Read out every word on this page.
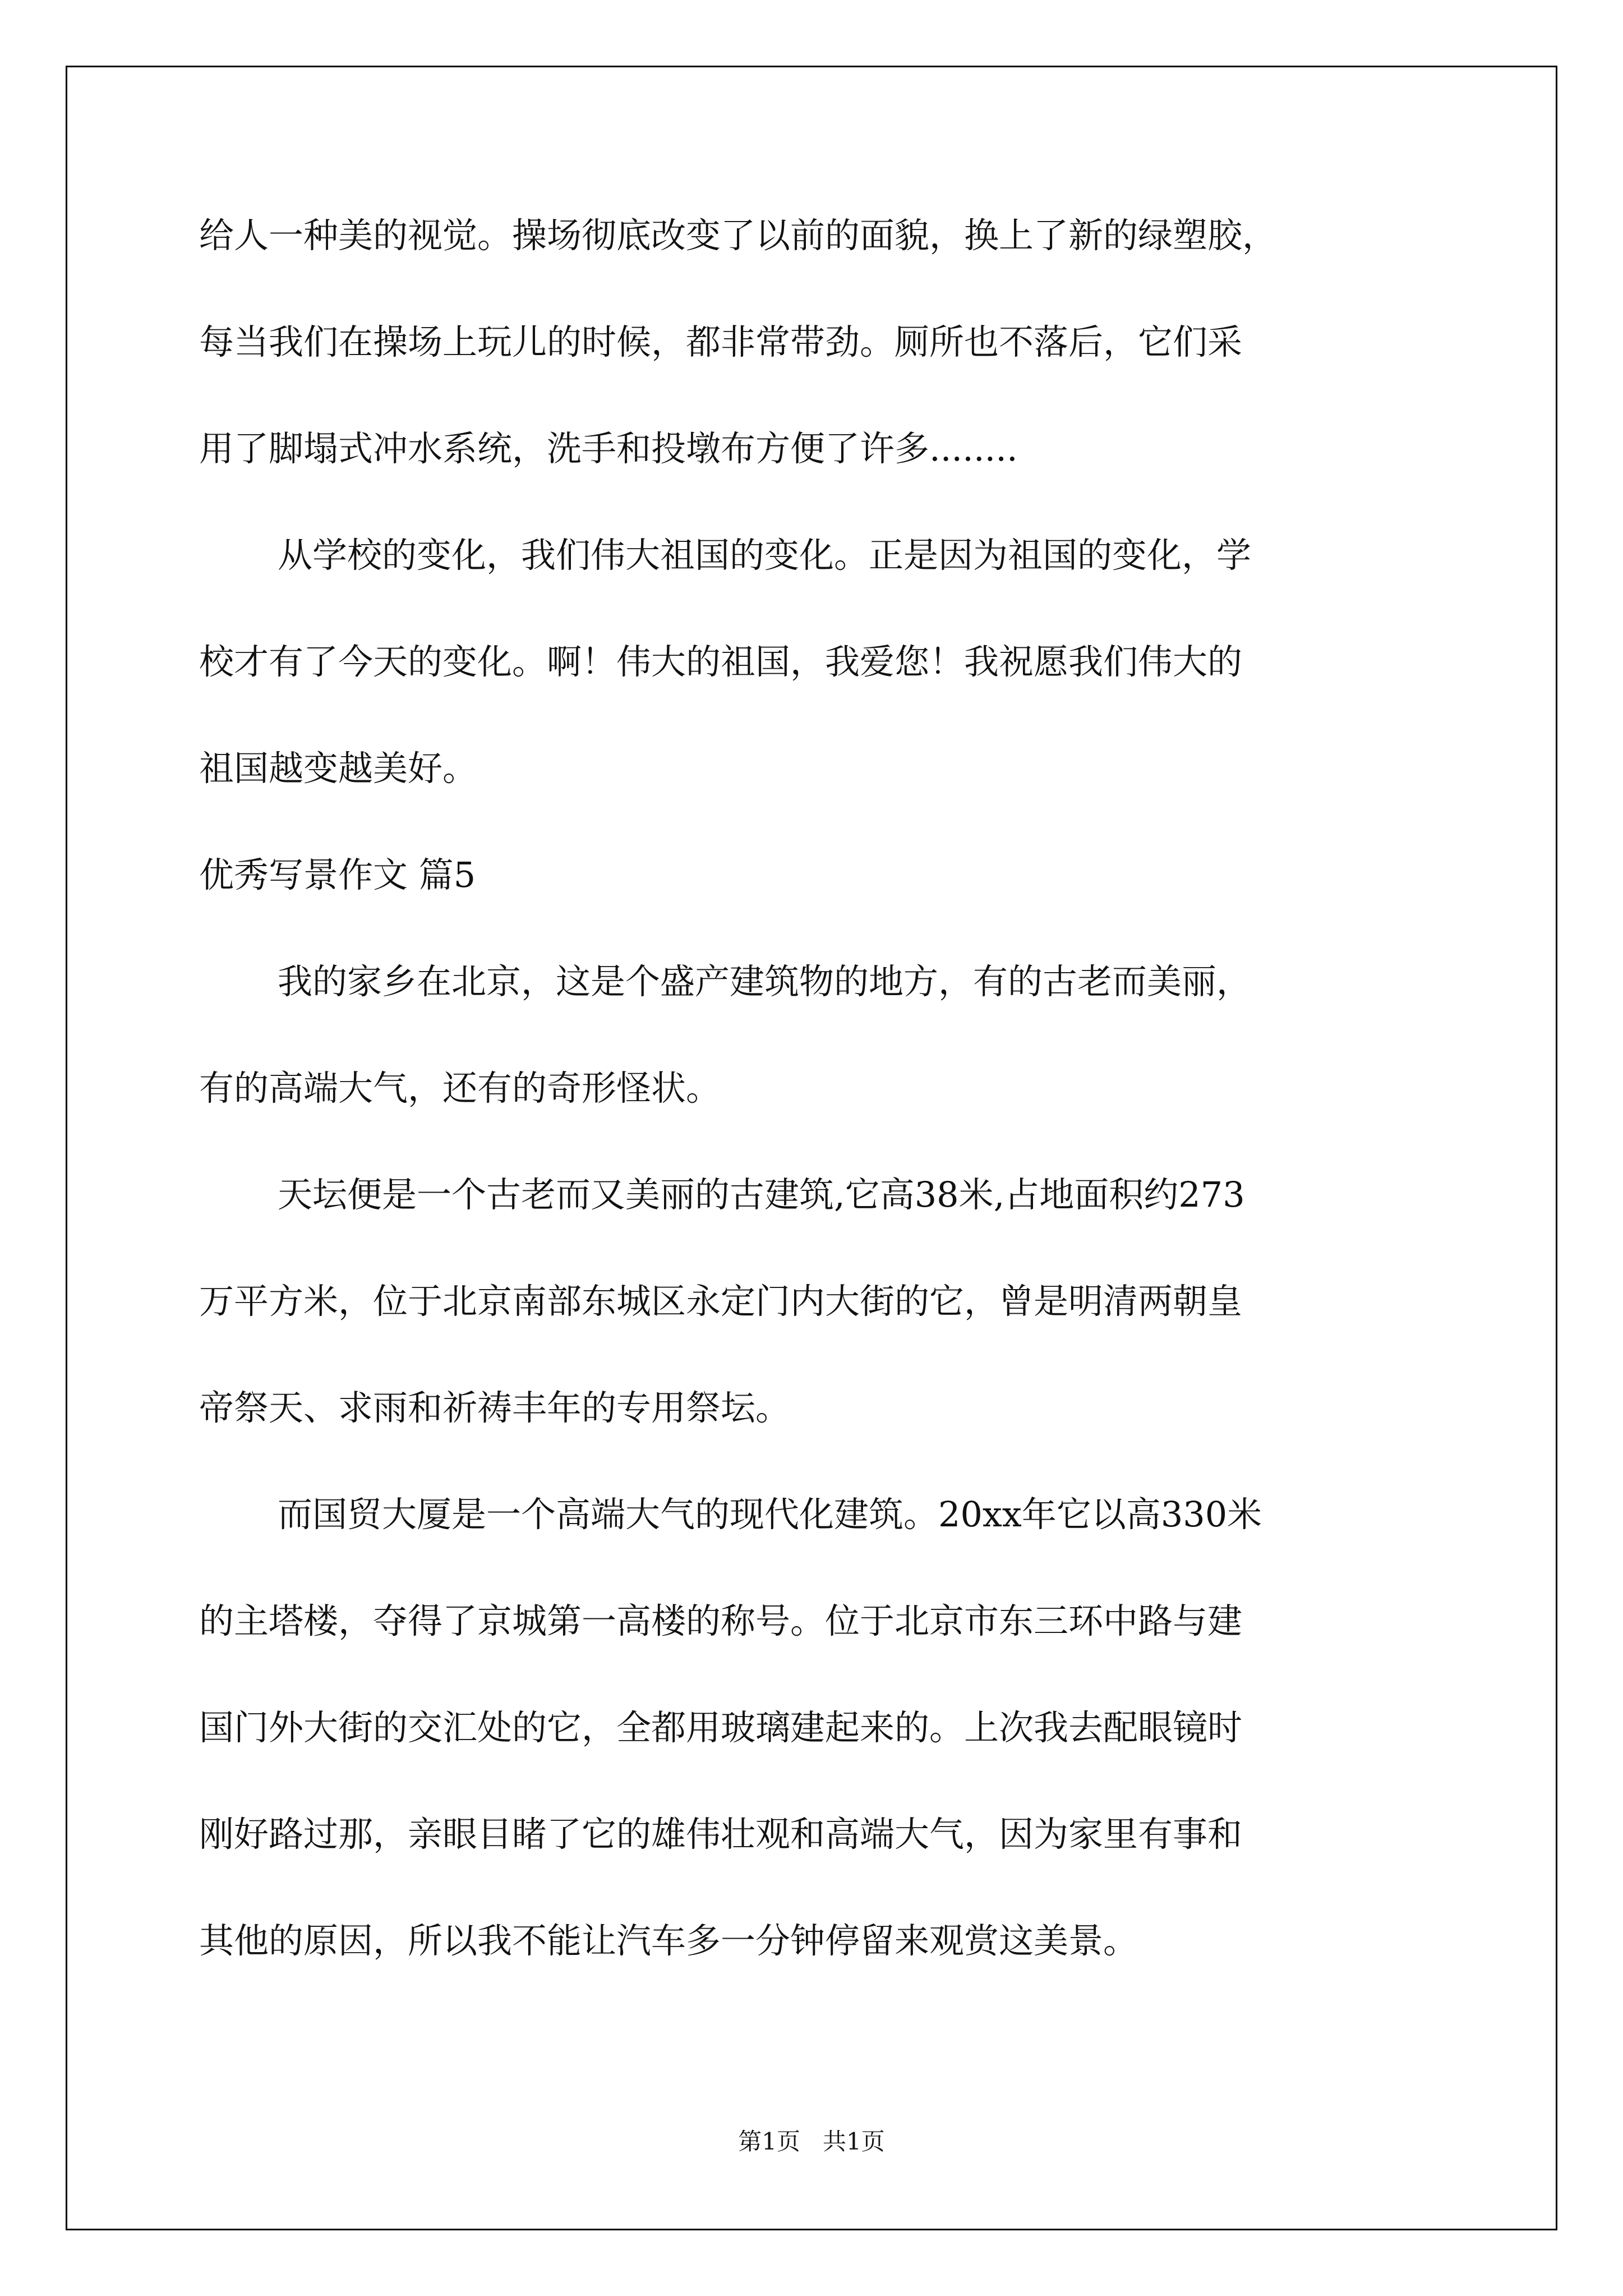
给人一种美的视觉。操场彻底改变了以前的面貌，换上了新的绿塑胶，
每当我们在操场上玩儿的时候，都非常带劲。厕所也不落后，它们采
用了脚塌式冲水系统，洗手和投墩布方便了许多........
从学校的变化，我们伟大祖国的变化。正是因为祖国的变化，学
校才有了今天的变化。啊！伟大的祖国，我爱您！我祝愿我们伟大的
祖国越变越美好。
优秀写景作文 篇5
我的家乡在北京，这是个盛产建筑物的地方，有的古老而美丽，
有的高端大气，还有的奇形怪状。
天坛便是一个古老而又美丽的古建筑,它高38米,占地面积约273
万平方米，位于北京南部东城区永定门内大街的它，曾是明清两朝皇
帝祭天、求雨和祈祷丰年的专用祭坛。
而国贸大厦是一个高端大气的现代化建筑。20xx年它以高330米
的主塔楼，夺得了京城第一高楼的称号。位于北京市东三环中路与建
国门外大街的交汇处的它，全都用玻璃建起来的。上次我去配眼镜时
刚好路过那，亲眼目睹了它的雄伟壮观和高端大气，因为家里有事和
其他的原因，所以我不能让汽车多一分钟停留来观赏这美景。
第1页   共1页
